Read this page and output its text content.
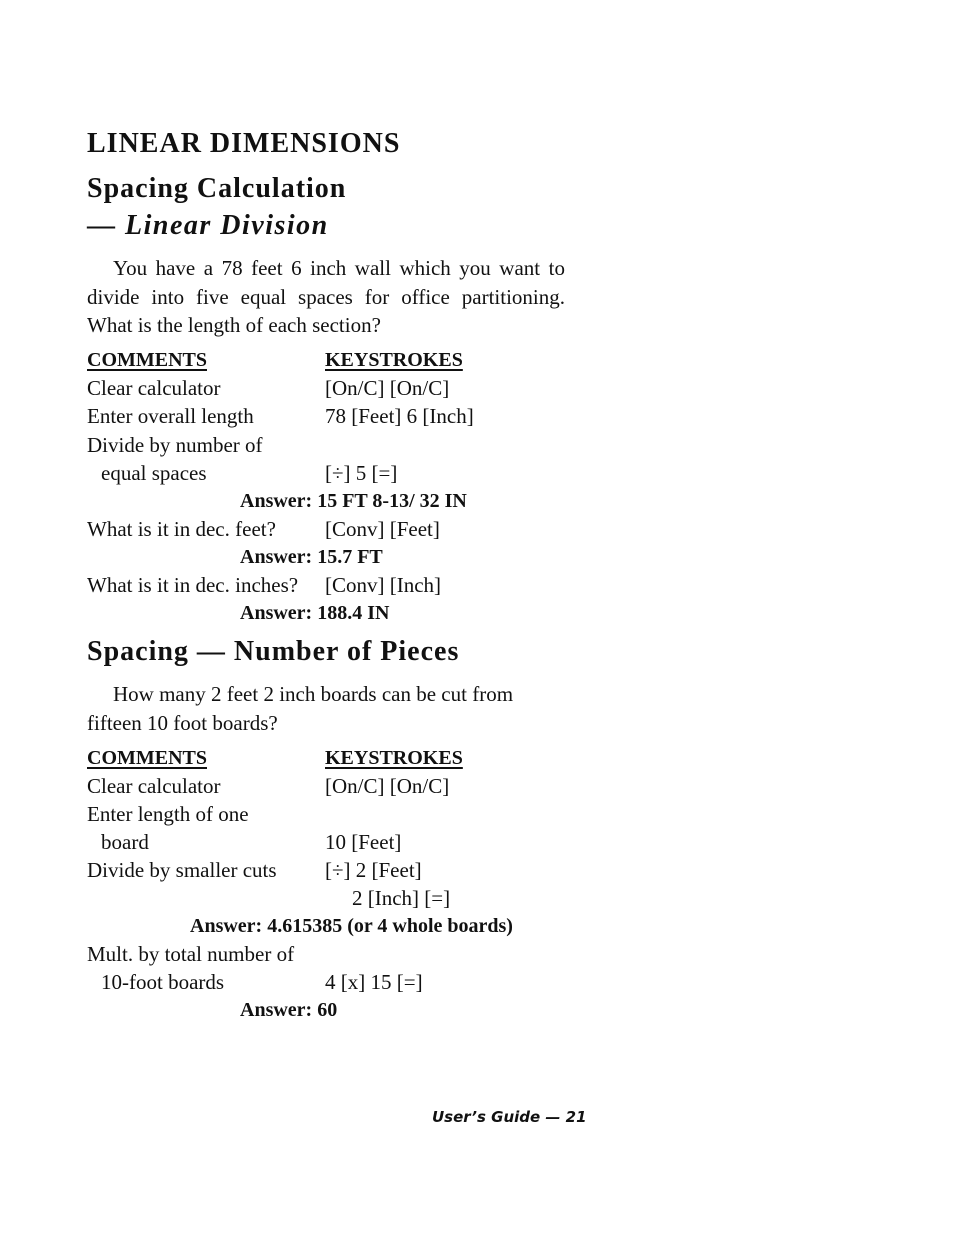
LINEAR DIMENSIONS
Spacing Calculation
— Linear Division

You have a 78 feet 6 inch wall which you want to divide into five equal spaces for office partitioning. What is the length of each section?

COMMENTS	KEYSTROKES
Clear calculator	[On/C] [On/C]
Enter overall length	78 [Feet] 6 [Inch]
Divide by number of
equal spaces	[÷] 5 [=]
Answer: 15 FT 8-13/ 32 IN
What is it in dec. feet? [Conv] [Feet]
Answer: 15.7 FT
What is it in dec. inches? [Conv] [Inch]
Answer: 188.4 IN
Spacing — Number of Pieces

How many 2 feet 2 inch boards can be cut from fifteen 10 foot boards?

COMMENTS	KEYSTROKES
Clear calculator	[On/C] [On/C]
Enter length of one
board	10 [Feet]
Divide by smaller cuts [÷] 2 [Feet]
2 [Inch] [=]
Answer: 4.615385 (or 4 whole boards)
Mult. by total number of
10-foot boards	4 [x] 15 [=]
Answer: 60
User’s Guide — 21
